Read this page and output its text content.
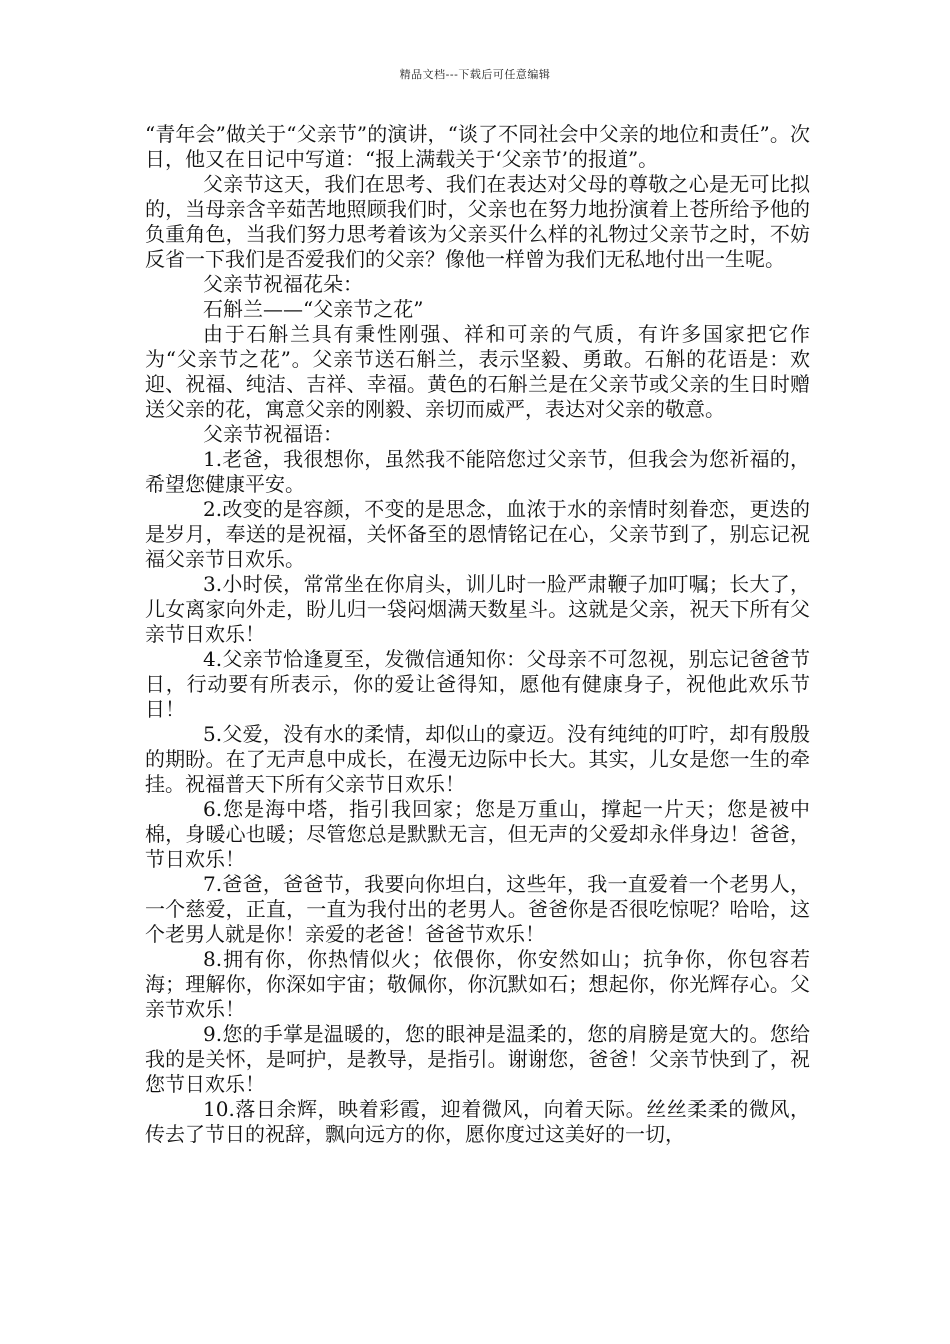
精品文档---下载后可任意编辑

“青年会”做关于“父亲节”的演讲，“谈了不同社会中父亲的地位和责任”。次日，他又在日记中写道：“报上满载关于‘父亲节’的报道”。

父亲节这天，我们在思考、我们在表达对父母的尊敬之心是无可比拟的，当母亲含辛茹苦地照顾我们时，父亲也在努力地扮演着上苍所给予他的负重角色，当我们努力思考着该为父亲买什么样的礼物过父亲节之时，不妨反省一下我们是否爱我们的父亲？像他一样曾为我们无私地付出一生呢。

父亲节祝福花朵：

石斛兰——“父亲节之花”

由于石斛兰具有秉性刚强、祥和可亲的气质，有许多国家把它作为“父亲节之花”。父亲节送石斛兰，表示坚毅、勇敢。石斛的花语是：欢迎、祝福、纯洁、吉祥、幸福。黄色的石斛兰是在父亲节或父亲的生日时赠送父亲的花，寓意父亲的刚毅、亲切而威严，表达对父亲的敬意。

父亲节祝福语：

1.老爸，我很想你，虽然我不能陪您过父亲节，但我会为您祈福的，希望您健康平安。

2.改变的是容颜，不变的是思念，血浓于水的亲情时刻眷恋，更迭的是岁月，奉送的是祝福，关怀备至的恩情铭记在心，父亲节到了，别忘记祝福父亲节日欢乐。

3.小时侯，常常坐在你肩头，训儿时一脸严肃鞭子加叮嘱；长大了，儿女离家向外走，盼儿归一袋闷烟满天数星斗。这就是父亲，祝天下所有父亲节日欢乐！

4.父亲节恰逢夏至，发微信通知你：父母亲不可忽视，别忘记爸爸节日，行动要有所表示，你的爱让爸得知，愿他有健康身子，祝他此欢乐节日！

5.父爱，没有水的柔情，却似山的豪迈。没有纯纯的叮咛，却有殷殷的期盼。在了无声息中成长，在漫无边际中长大。其实，儿女是您一生的牵挂。祝福普天下所有父亲节日欢乐！

6.您是海中塔，指引我回家；您是万重山，撑起一片天；您是被中棉，身暖心也暖；尽管您总是默默无言，但无声的父爱却永伴身边！爸爸，节日欢乐！

7.爸爸，爸爸节，我要向你坦白，这些年，我一直爱着一个老男人，一个慈爱，正直，一直为我付出的老男人。爸爸你是否很吃惊呢？哈哈，这个老男人就是你！亲爱的老爸！爸爸节欢乐！

8.拥有你，你热情似火；依偎你，你安然如山；抗争你，你包容若海；理解你，你深如宇宙；敬佩你，你沉默如石；想起你，你光辉存心。父亲节欢乐！

9.您的手掌是温暖的，您的眼神是温柔的，您的肩膀是宽大的。您给我的是关怀，是呵护，是教导，是指引。谢谢您，爸爸！父亲节快到了，祝您节日欢乐！

10.落日余辉，映着彩霞，迎着微风，向着天际。丝丝柔柔的微风，传去了节日的祝辞，飘向远方的你，愿你度过这美好的一切，
